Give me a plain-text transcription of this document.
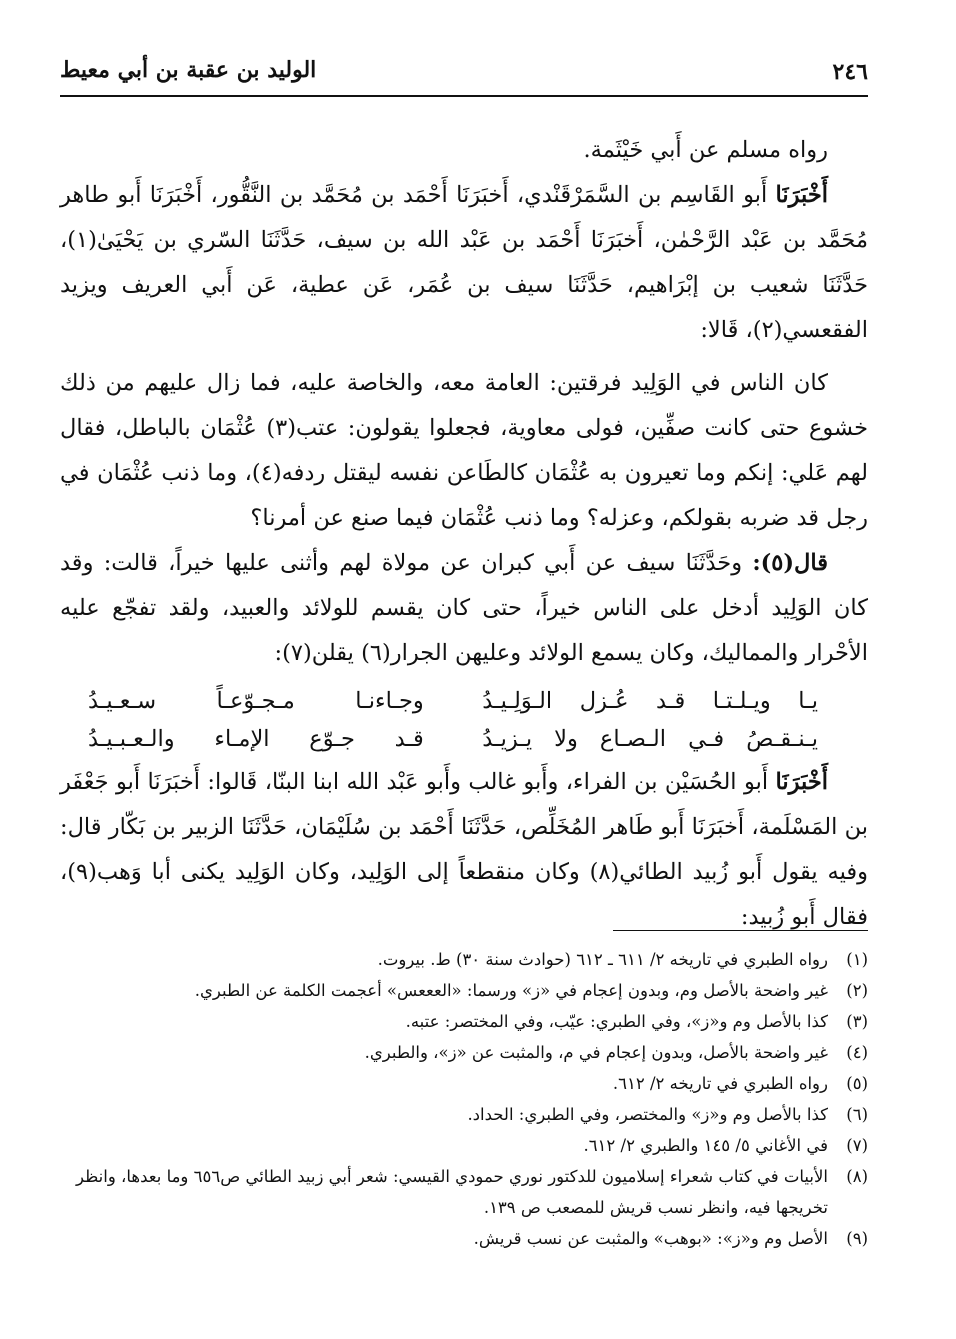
٢٤٦
الوليد بن عقبة بن أبي معيط

رواه مسلم عن أَبي خَيْثَمة.

أَخْبَرَنَا أَبو القَاسِم بن السَّمَرْقَنْدي، أَخبَرَنَا أَحْمَد بن مُحَمَّد بن النَّقُّور، أَخْبَرَنَا أَبو طاهر مُحَمَّد بن عَبْد الرَّحْمٰن، أَخبَرَنَا أَحْمَد بن عَبْد الله بن سيف، حَدَّثَنَا السّري بن يَحْيَىٰ(١)، حَدَّثَنَا شعيب بن إبْرَاهيم، حَدَّثَنَا سيف بن عُمَر، عَن عطية، عَن أَبي العريف ويزيد الفقعسي(٢)، قَالا:

كان الناس في الوَلِيد فرقتين: العامة معه، والخاصة عليه، فما زال عليهم من ذلك خشوع حتى كانت صفِّين، فولى معاوية، فجعلوا يقولون: عتب(٣) عُثْمَان بالباطل، فقال لهم عَلي: إنكم وما تعيرون به عُثْمَان كالطَاعن نفسه ليقتل ردفه(٤)، وما ذنب عُثْمَان في رجل قد ضربه بقولكم، وعزله؟ وما ذنب عُثْمَان فيما صنع عن أمرنا؟

قال(٥): وحَدَّثَنَا سيف عن أَبي كبران عن مولاة لهم وأثنى عليها خيراً، قالت: وقد كان الوَلِيد أدخل على الناس خيراً، حتى كان يقسم للولائد والعبيد، ولقد تفجّع عليه الأحْرار والمماليك، وكان يسمع الولائد وعليهن الجرار(٦) يقلن(٧):

يـا ويـلـتـا قـد عُـزل الـوَلِـيـدُ
وجـاءنـا مـجـوّعـاً سـعـيـدُ
يـنـقـصُ فـي الـصـاع ولا يـزيـدُ
قـد جـوّع الإمـاء والـعـبـيـدُ

أَخْبَرَنَا أَبو الحُسَيْن بن الفراء، وأَبو غالب وأَبو عَبْد الله ابنا البنّا، قَالوا: أَخبَرَنَا أَبو جَعْفَر بن المَسْلَمة، أَخبَرَنَا أَبو طَاهر المُخَلِّص، حَدَّثَنَا أَحْمَد بن سُلَيْمَان، حَدَّثَنَا الزبير بن بَكّار قال: وفيه يقول أَبو زُبيد الطائي(٨) وكان منقطعاً إلى الوَلِيد، وكان الوَلِيد يكنى أبا وَهب(٩)، فقال أَبو زُبيد:

(١)
رواه الطبري في تاريخه ٢/ ٦١١ ـ ٦١٢ (حوادث سنة ٣٠) ط. بيروت.
(٢)
غير واضحة بالأصل وم، وبدون إعجام في «ز» ورسما: «العععس» أعجمت الكلمة عن الطبري.
(٣)
كذا بالأصل وم و«ز»، وفي الطبري: عيّب، وفي المختصر: عتبه.
(٤)
غير واضحة بالأصل، وبدون إعجام في م، والمثبت عن «ز»، والطبري.
(٥)
رواه الطبري في تاريخه ٢/ ٦١٢.
(٦)
كذا بالأصل وم و«ز» والمختصر، وفي الطبري: الحداد.
(٧)
في الأغاني ٥/ ١٤٥ والطبري ٢/ ٦١٢.
(٨)
الأبيات في كتاب شعراء إسلاميون للدكتور نوري حمودي القيسي: شعر أبي زبيد الطائي ص٦٥٦ وما بعدها، وانظر تخريجها فيه، وانظر نسب قريش للمصعب ص ١٣٩.
(٩)
الأصل وم و«ز»: «بوهب» والمثبت عن نسب قريش.
